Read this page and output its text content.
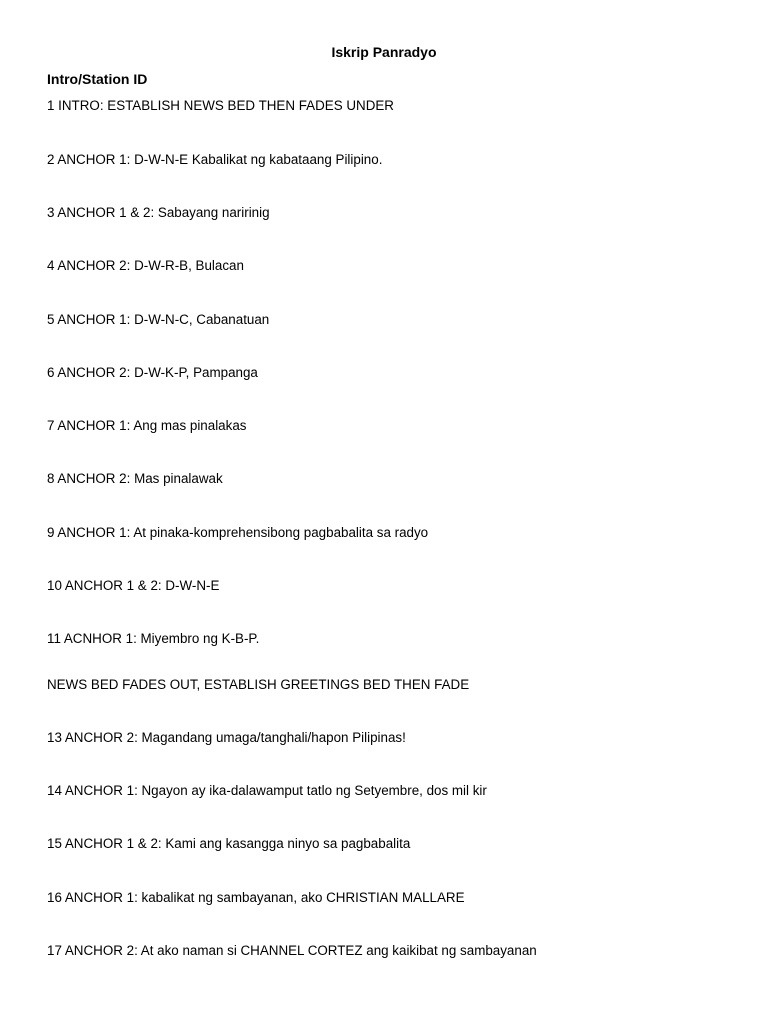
Iskrip Panradyo
Intro/Station ID
1 INTRO: ESTABLISH NEWS BED THEN FADES UNDER
2 ANCHOR 1: D-W-N-E Kabalikat ng kabataang Pilipino.
3 ANCHOR 1 & 2: Sabayang naririnig
4 ANCHOR 2: D-W-R-B, Bulacan
5 ANCHOR 1: D-W-N-C, Cabanatuan
6 ANCHOR 2: D-W-K-P, Pampanga
7 ANCHOR 1: Ang mas pinalakas
8 ANCHOR 2: Mas pinalawak
9 ANCHOR 1: At pinaka-komprehensibong pagbabalita sa radyo
10 ANCHOR 1 & 2: D-W-N-E
11 ACNHOR 1: Miyembro ng K-B-P.
NEWS BED FADES OUT, ESTABLISH GREETINGS BED THEN FADE
13 ANCHOR 2: Magandang umaga/tanghali/hapon Pilipinas!
14 ANCHOR 1: Ngayon ay ika-dalawamput tatlo ng Setyembre, dos mil kir
15 ANCHOR 1 & 2: Kami ang kasangga ninyo sa pagbabalita
16 ANCHOR 1: kabalikat ng sambayanan, ako CHRISTIAN MALLARE
17 ANCHOR 2: At ako naman si CHANNEL CORTEZ ang kaikibat ng sambayanan
